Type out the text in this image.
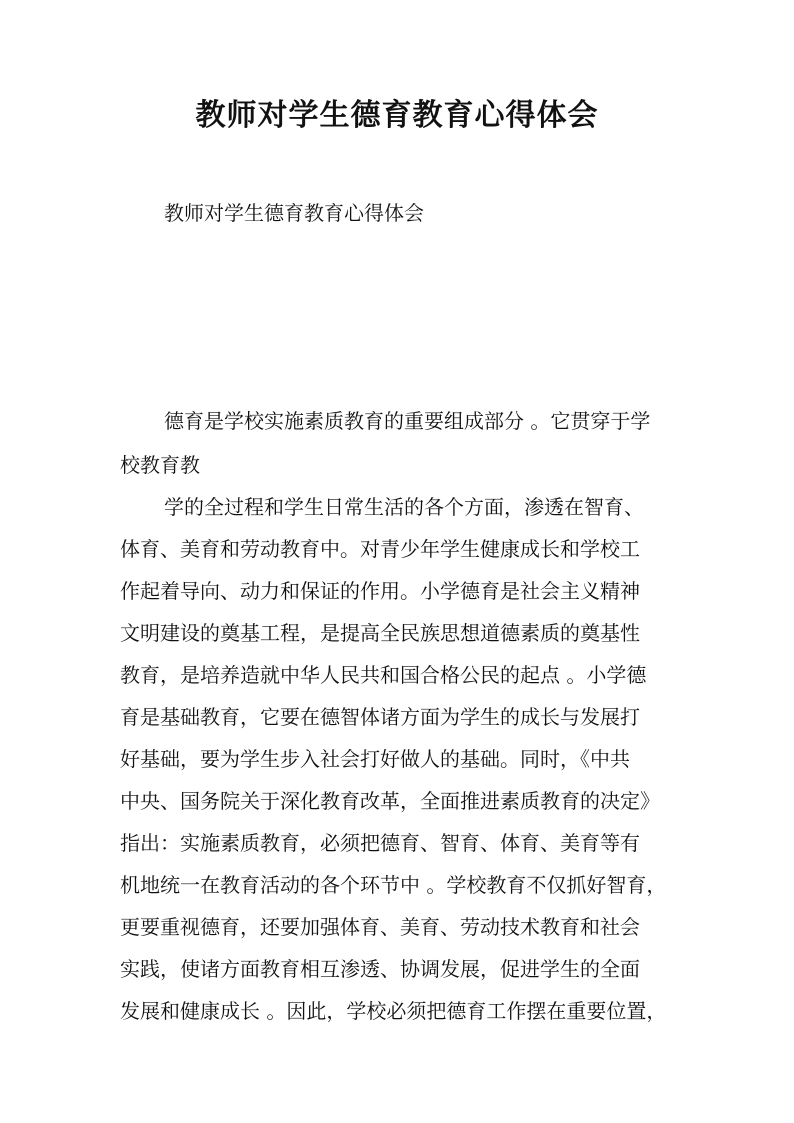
教师对学生德育教育心得体会
教师对学生德育教育心得体会
德育是学校实施素质教育的重要组成部分 。它贯穿于学
校教育教
学的全过程和学生日常生活的各个方面，渗透在智育、
体育、美育和劳动教育中。对青少年学生健康成长和学校工
作起着导向、动力和保证的作用。小学德育是社会主义精神
文明建设的奠基工程，是提高全民族思想道德素质的奠基性
教育，是培养造就中华人民共和国合格公民的起点 。小学德
育是基础教育，它要在德智体诸方面为学生的成长与发展打
好基础，要为学生步入社会打好做人的基础。同时，《中共
中央、国务院关于深化教育改革，全面推进素质教育的决定》
指出：实施素质教育，必须把德育、智育、体育、美育等有
机地统一在教育活动的各个环节中 。学校教育不仅抓好智育，
更要重视德育，还要加强体育、美育、劳动技术教育和社会
实践，使诸方面教育相互渗透、协调发展，促进学生的全面
发展和健康成长 。因此，学校必须把德育工作摆在重要位置，
